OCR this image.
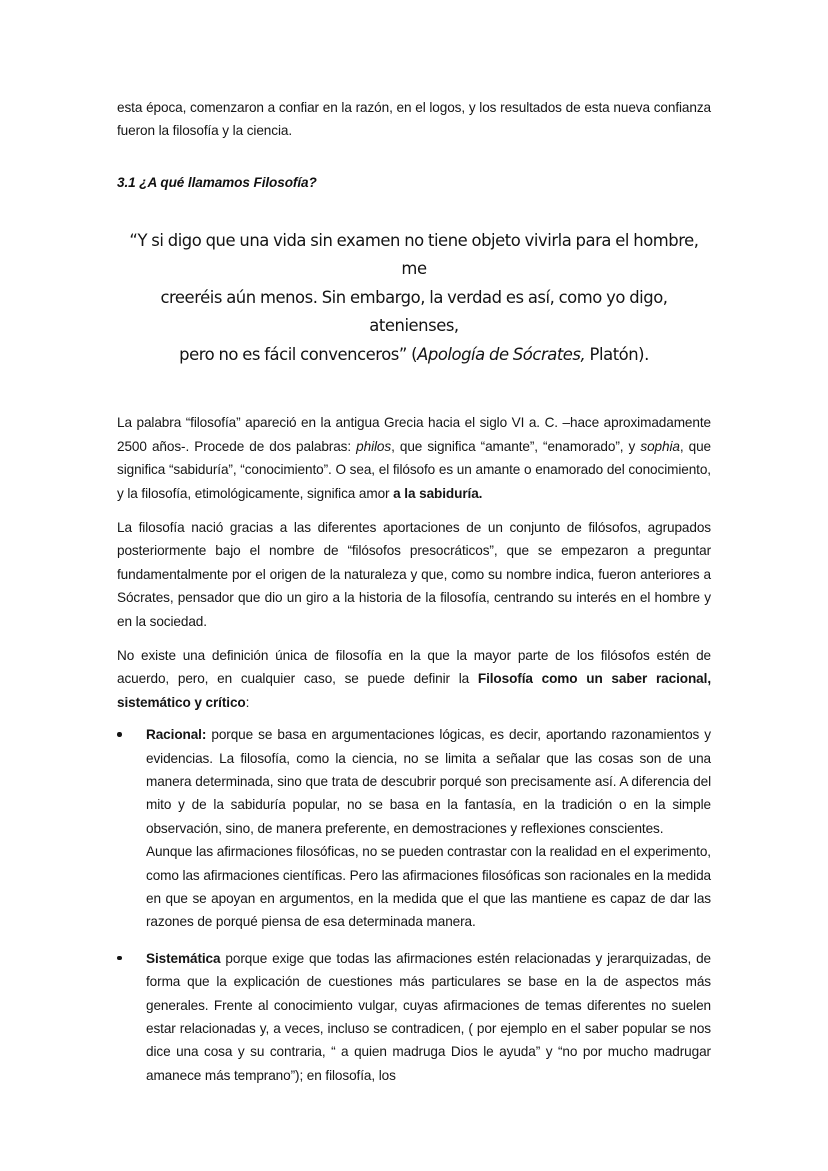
esta época, comenzaron a confiar en la razón, en el logos, y los resultados de esta nueva confianza fueron la filosofía y la ciencia.

3.1 ¿A qué llamamos Filosofía?

“Y si digo que una vida sin examen no tiene objeto vivirla para el hombre, me
creeréis aún menos. Sin embargo, la verdad es así, como yo digo, atenienses,
pero no es fácil convenceros” (Apología de Sócrates, Platón).

La palabra “filosofía” apareció en la antigua Grecia hacia el siglo VI a. C. –hace aproximadamente 2500 años-. Procede de dos palabras: philos, que significa “amante”, “enamorado”, y sophia, que significa “sabiduría”, “conocimiento”. O sea, el filósofo es un amante o enamorado del conocimiento, y la filosofía, etimológicamente, significa amor a la sabiduría.

La filosofía nació gracias a las diferentes aportaciones de un conjunto de filósofos, agrupados posteriormente bajo el nombre de “filósofos presocráticos”, que se empezaron a preguntar fundamentalmente por el origen de la naturaleza y que, como su nombre indica, fueron anteriores a Sócrates, pensador que dio un giro a la historia de la filosofía, centrando su interés en el hombre y en la sociedad.

No existe una definición única de filosofía en la que la mayor parte de los filósofos estén de acuerdo, pero, en cualquier caso, se puede definir la Filosofía como un saber racional, sistemático y crítico:

Racional: porque se basa en argumentaciones lógicas, es decir, aportando razonamientos y evidencias. La filosofía, como la ciencia, no se limita a señalar que las cosas son de una manera determinada, sino que trata de descubrir porqué son precisamente así. A diferencia del mito y de la sabiduría popular, no se basa en la fantasía, en la tradición o en la simple observación, sino, de manera preferente, en demostraciones y reflexiones conscientes.

Aunque las afirmaciones filosóficas, no se pueden contrastar con la realidad en el experimento, como las afirmaciones científicas. Pero las afirmaciones filosóficas son racionales en la medida en que se apoyan en argumentos, en la medida que el que las mantiene es capaz de dar las razones de porqué piensa de esa determinada manera.

Sistemática porque exige que todas las afirmaciones estén relacionadas y jerarquizadas, de forma que la explicación de cuestiones más particulares se base en la de aspectos más generales. Frente al conocimiento vulgar, cuyas afirmaciones de temas diferentes no suelen estar relacionadas y, a veces, incluso se contradicen, ( por ejemplo en el saber popular se nos dice una cosa y su contraria, “ a quien madruga Dios le ayuda” y “no por mucho madrugar amanece más temprano”); en filosofía, los
